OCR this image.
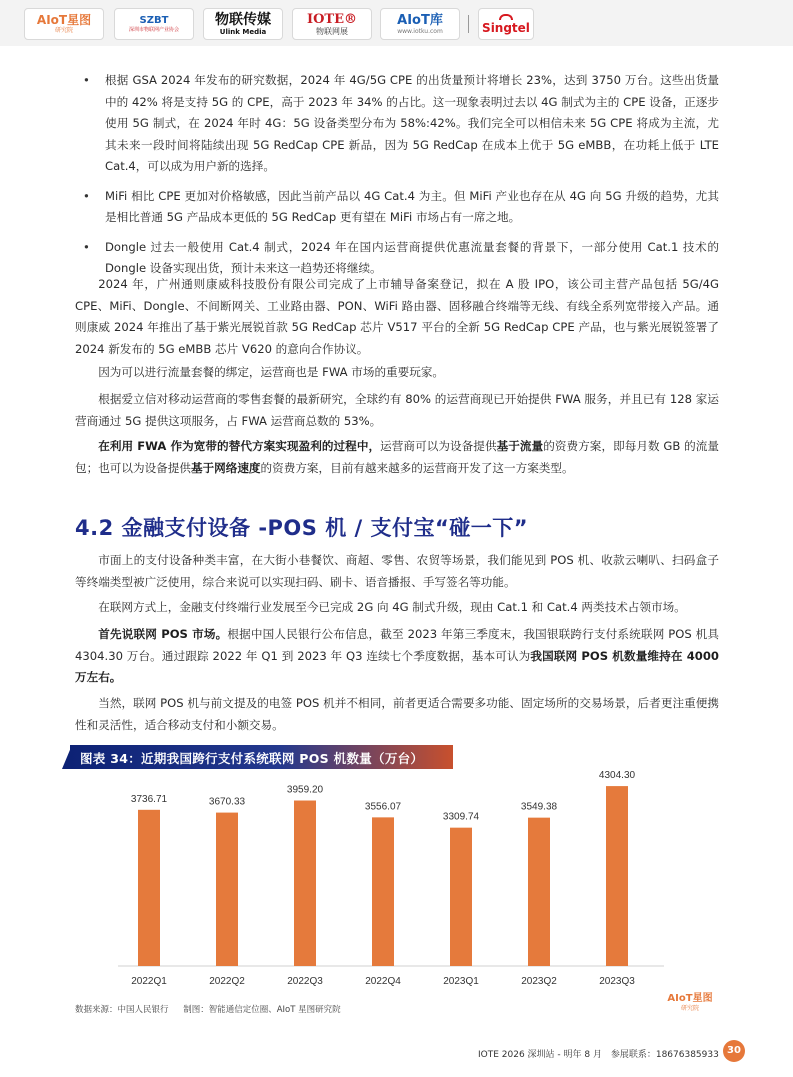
AIoT星图
研究院
SZBT
深圳市物联网产业协会
物联传媒
Ulink Media
IOTE®
物联网展
AIoT库
www.iotku.com	Singtel
• 根据 GSA 2024 年发布的研究数据，2024 年 4G/5G CPE 的出货量预计将增长 23%，达到 3750 万台。这些出货量中的 42% 将是支持 5G 的 CPE，高于 2023 年 34% 的占比。这一现象表明过去以 4G 制式为主的 CPE 设备，正逐步使用 5G 制式，在 2024 年时 4G：5G 设备类型分布为 58%:42%。我们完全可以相信未来 5G CPE 将成为主流，尤其未来一段时间将陆续出现 5G RedCap CPE 新品，因为 5G RedCap 在成本上优于 5G eMBB，在功耗上低于 LTE Cat.4，可以成为用户新的选择。
• MiFi 相比 CPE 更加对价格敏感，因此当前产品以 4G Cat.4 为主。但 MiFi 产业也存在从 4G 向 5G 升级的趋势，尤其是相比普通 5G 产品成本更低的 5G RedCap 更有望在 MiFi 市场占有一席之地。
• Dongle 过去一般使用 Cat.4 制式，2024 年在国内运营商提供优惠流量套餐的背景下，一部分使用 Cat.1 技术的 Dongle 设备实现出货，预计未来这一趋势还将继续。

2024 年，广州通则康威科技股份有限公司完成了上市辅导备案登记，拟在 A 股 IPO，该公司主营产品包括 5G/4G CPE、MiFi、Dongle、不间断网关、工业路由器、PON、WiFi 路由器、固移融合终端等无线、有线全系列宽带接入产品。通则康威 2024 年推出了基于紫光展锐首款 5G RedCap 芯片 V517 平台的全新 5G RedCap CPE 产品，也与紫光展锐签署了 2024 新发布的 5G eMBB 芯片 V620 的意向合作协议。

因为可以进行流量套餐的绑定，运营商也是 FWA 市场的重要玩家。

根据爱立信对移动运营商的零售套餐的最新研究，全球约有 80% 的运营商现已开始提供 FWA 服务，并且已有 128 家运营商通过 5G 提供这项服务，占 FWA 运营商总数的 53%。

在利用 FWA 作为宽带的替代方案实现盈利的过程中，运营商可以为设备提供基于流量的资费方案，即每月数 GB 的流量包；也可以为设备提供基于网络速度的资费方案，目前有越来越多的运营商开发了这一方案类型。

4.2 金融支付设备 -POS 机 / 支付宝“碰一下”

市面上的支付设备种类丰富，在大街小巷餐饮、商超、零售、农贸等场景，我们能见到 POS 机、收款云喇叭、扫码盒子等终端类型被广泛使用，综合来说可以实现扫码、刷卡、语音播报、手写签名等功能。

在联网方式上，金融支付终端行业发展至今已完成 2G 向 4G 制式升级，现由 Cat.1 和 Cat.4 两类技术占领市场。

首先说联网 POS 市场。根据中国人民银行公布信息，截至 2023 年第三季度末，我国银联跨行支付系统联网 POS 机具 4304.30 万台。通过跟踪 2022 年 Q1 到 2023 年 Q3 连续七个季度数据，基本可认为我国联网 POS 机数量维持在 4000 万左右。

当然，联网 POS 机与前文提及的电签 POS 机并不相同，前者更适合需要多功能、固定场所的交易场景，后者更注重便携性和灵活性，适合移动支付和小额交易。

图表 34：近期我国跨行支付系统联网 POS 机数量（万台）
3736.71
2022Q1
3670.33
2022Q2
3959.20
2022Q3
3556.07
2022Q4
3309.74
2023Q1
3549.38
2023Q2
4304.30
2023Q3
数据来源：中国人民银行 制图：智能通信定位圈、AIoT 星图研究院
AIoT星图
研究院
IOTE 2026 深圳站 - 明年 8 月 参展联系：18676385933 30
